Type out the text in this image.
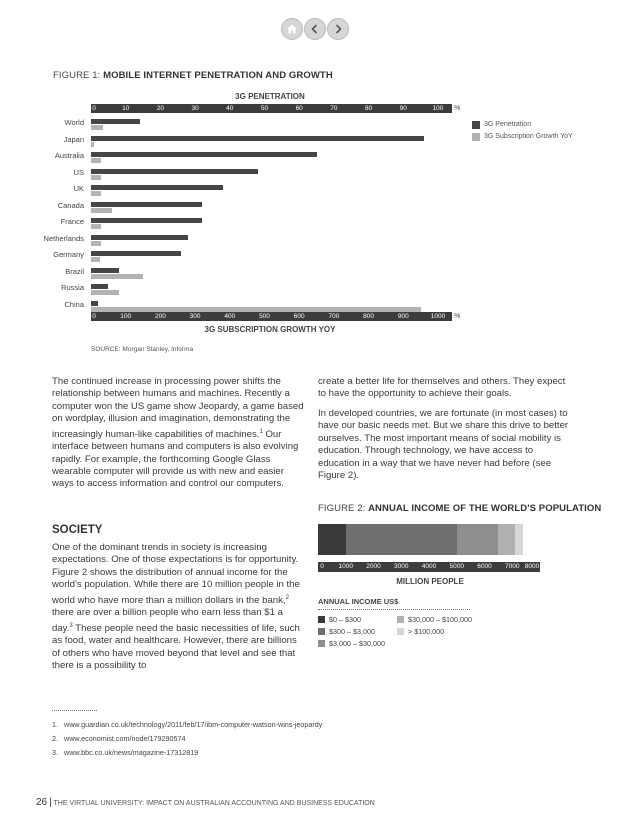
FIGURE 1: MOBILE INTERNET PENETRATION AND GROWTH
3G PENETRATION
0	10	20	30	40	50	60	70	80	90	100 %
World
Japan
Australia
US
UK
Canada
France
Netherlands
Germany
Brazil
Russia
China
0	100	200	300	400	500	600	700	800	900	1000 %
3G SUBSCRIPTION GROWTH YOY
3G Penetration
3G Subscription Growth YoY
SOURCE: Morgan Stanley, Informa

The continued increase in processing power shifts the relationship between humans and machines. Recently a computer won the US game show Jeopardy, a game based on wordplay, illusion and imagination, demonstrating the increasingly human-like capabilities of machines.$^1$ Our interface between humans and computers is also evolving rapidly. For example, the forthcoming Google Glass wearable computer will provide us with new and easier ways to access information and control our computers.

SOCIETY

One of the dominant trends in society is increasing expectations. One of those expectations is for opportunity. Figure 2 shows the distribution of annual income for the world’s population. While there are 10 million people in the world who have more than a million dollars in the bank,$^2$ there are over a billion people who earn less than $1 a day.$^3$ These people need the basic necessities of life, such as food, water and healthcare. However, there are billions of others who have moved beyond that level and see that there is a possibility to

create a better life for themselves and others. They expect to have the opportunity to achieve their goals.

In developed countries, we are fortunate (in most cases) to have our basic needs met. But we share this drive to better ourselves. The most important means of social mobility is education. Through technology, we have access to education in a way that we have never had before (see Figure 2).

FIGURE 2: ANNUAL INCOME OF THE WORLD'S POPULATION
0 1000 2000 3000 4000 5000 6000 7000 8000
MILLION PEOPLE
ANNUAL INCOME US$
$0 – $300
$300 – $3,000
$3,000 – $30,000
$30,000 – $100,000
> $100,000
1. www.guardian.co.uk/technology/2011/feb/17/ibm-computer-watson-wins-jeopardy
2. www.economist.com/node/179290574
3. www.bbc.co.uk/news/magazine-17312819
26 | THE VIRTUAL UNIVERSITY: IMPACT ON AUSTRALIAN ACCOUNTING AND BUSINESS EDUCATION
